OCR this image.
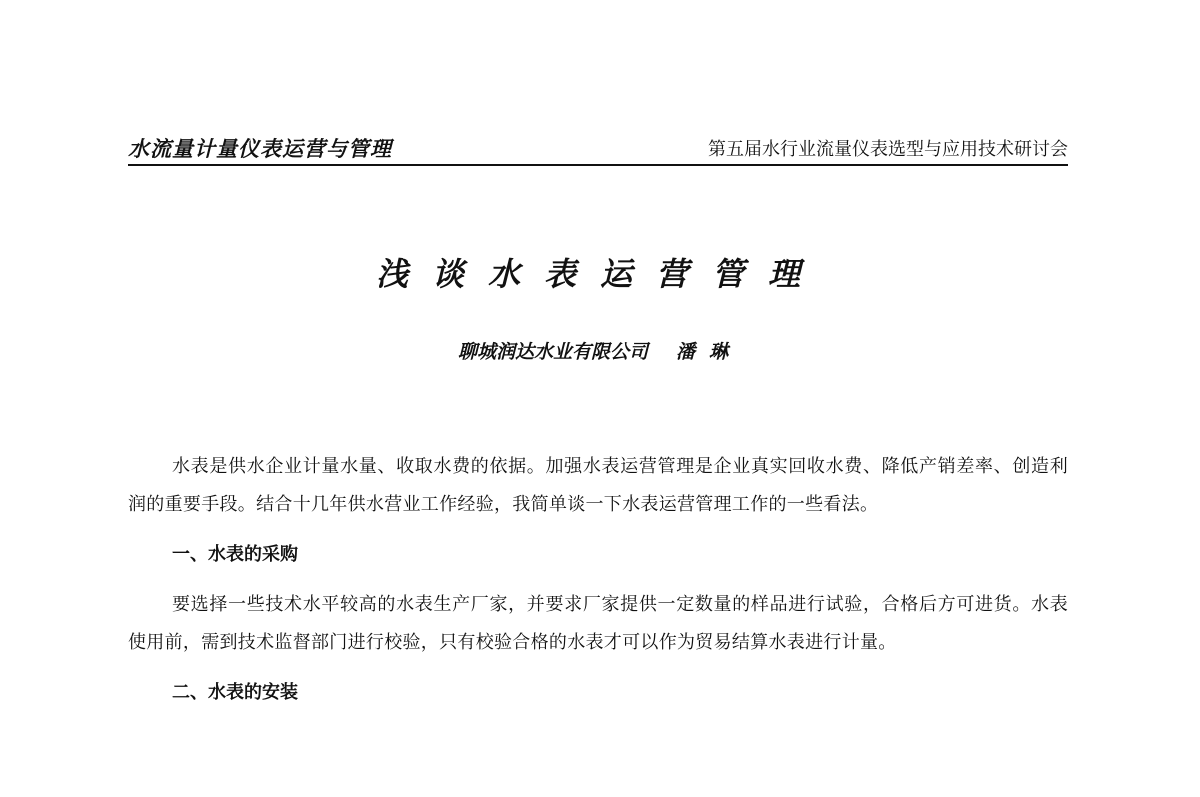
水流量计量仪表运营与管理	第五届水行业流量仪表选型与应用技术研讨会
浅谈水表运营管理
聊城润达水业有限公司 潘琳

水表是供水企业计量水量、收取水费的依据。加强水表运营管理是企业真实回收水费、降低产销差率、创造利润的重要手段。结合十几年供水营业工作经验，我简单谈一下水表运营管理工作的一些看法。

一、水表的采购

要选择一些技术水平较高的水表生产厂家，并要求厂家提供一定数量的样品进行试验，合格后方可进货。水表使用前，需到技术监督部门进行校验，只有校验合格的水表才可以作为贸易结算水表进行计量。

二、水表的安装
